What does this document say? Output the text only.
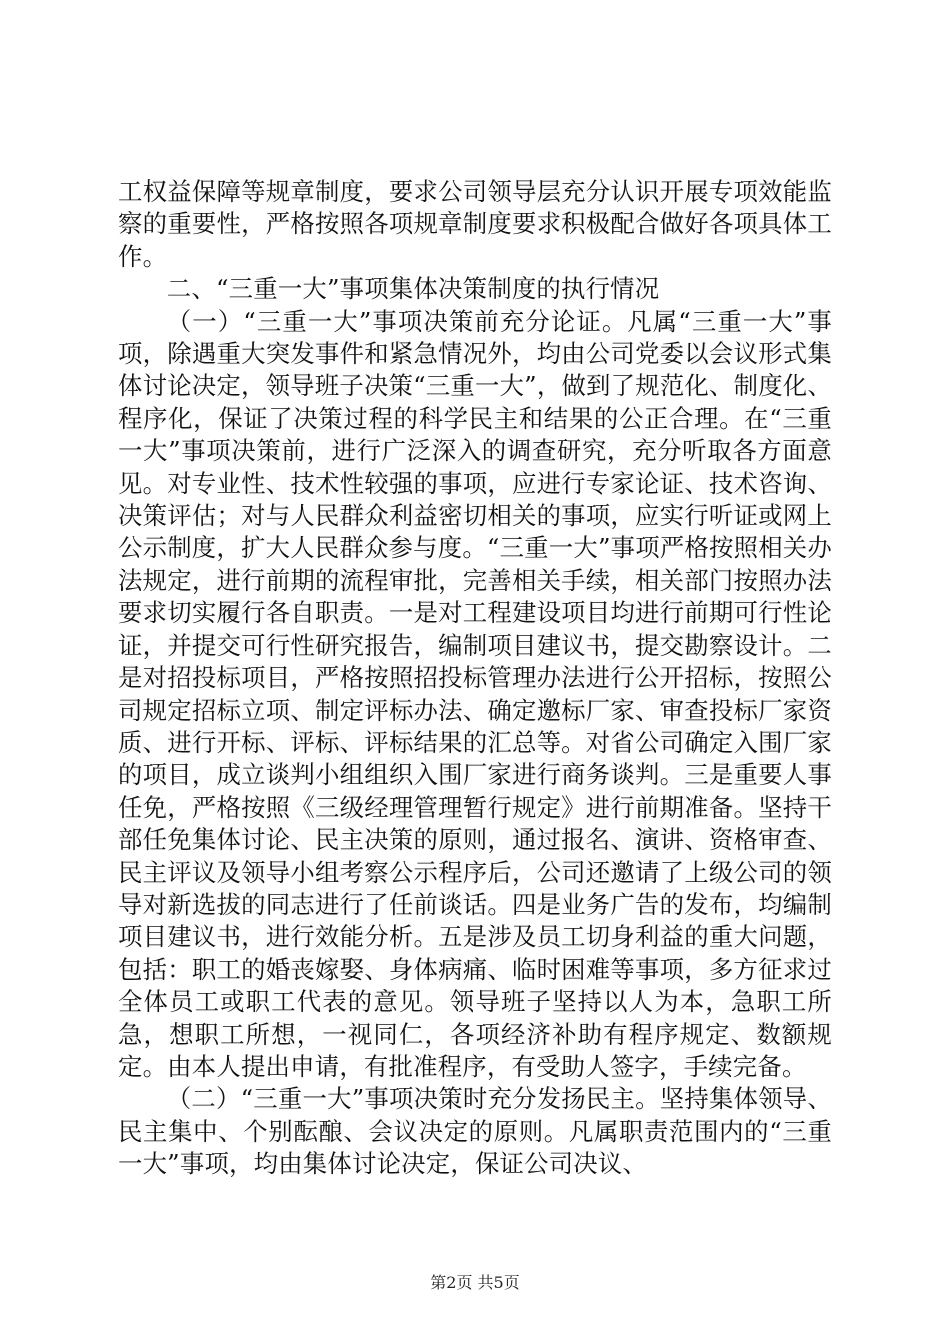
工权益保障等规章制度，要求公司领导层充分认识开展专项效能监察的重要性，严格按照各项规章制度要求积极配合做好各项具体工作。

二、“三重一大”事项集体决策制度的执行情况

（一）“三重一大”事项决策前充分论证。凡属“三重一大”事项，除遇重大突发事件和紧急情况外，均由公司党委以会议形式集体讨论决定，领导班子决策“三重一大”，做到了规范化、制度化、程序化，保证了决策过程的科学民主和结果的公正合理。在“三重一大”事项决策前，进行广泛深入的调查研究，充分听取各方面意见。对专业性、技术性较强的事项，应进行专家论证、技术咨询、决策评估；对与人民群众利益密切相关的事项，应实行听证或网上公示制度，扩大人民群众参与度。“三重一大”事项严格按照相关办法规定，进行前期的流程审批，完善相关手续，相关部门按照办法要求切实履行各自职责。一是对工程建设项目均进行前期可行性论证，并提交可行性研究报告，编制项目建议书，提交勘察设计。二是对招投标项目，严格按照招投标管理办法进行公开招标，按照公司规定招标立项、制定评标办法、确定邀标厂家、审查投标厂家资质、进行开标、评标、评标结果的汇总等。对省公司确定入围厂家的项目，成立谈判小组组织入围厂家进行商务谈判。三是重要人事任免，严格按照《三级经理管理暂行规定》进行前期准备。坚持干部任免集体讨论、民主决策的原则，通过报名、演讲、资格审查、民主评议及领导小组考察公示程序后，公司还邀请了上级公司的领导对新选拔的同志进行了任前谈话。四是业务广告的发布，均编制项目建议书，进行效能分析。五是涉及员工切身利益的重大问题，包括：职工的婚丧嫁娶、身体病痛、临时困难等事项，多方征求过全体员工或职工代表的意见。领导班子坚持以人为本，急职工所急，想职工所想，一视同仁，各项经济补助有程序规定、数额规定。由本人提出申请，有批准程序，有受助人签字，手续完备。

（二）“三重一大”事项决策时充分发扬民主。坚持集体领导、民主集中、个别酝酿、会议决定的原则。凡属职责范围内的“三重一大”事项，均由集体讨论决定，保证公司决议、

第2页 共5页
